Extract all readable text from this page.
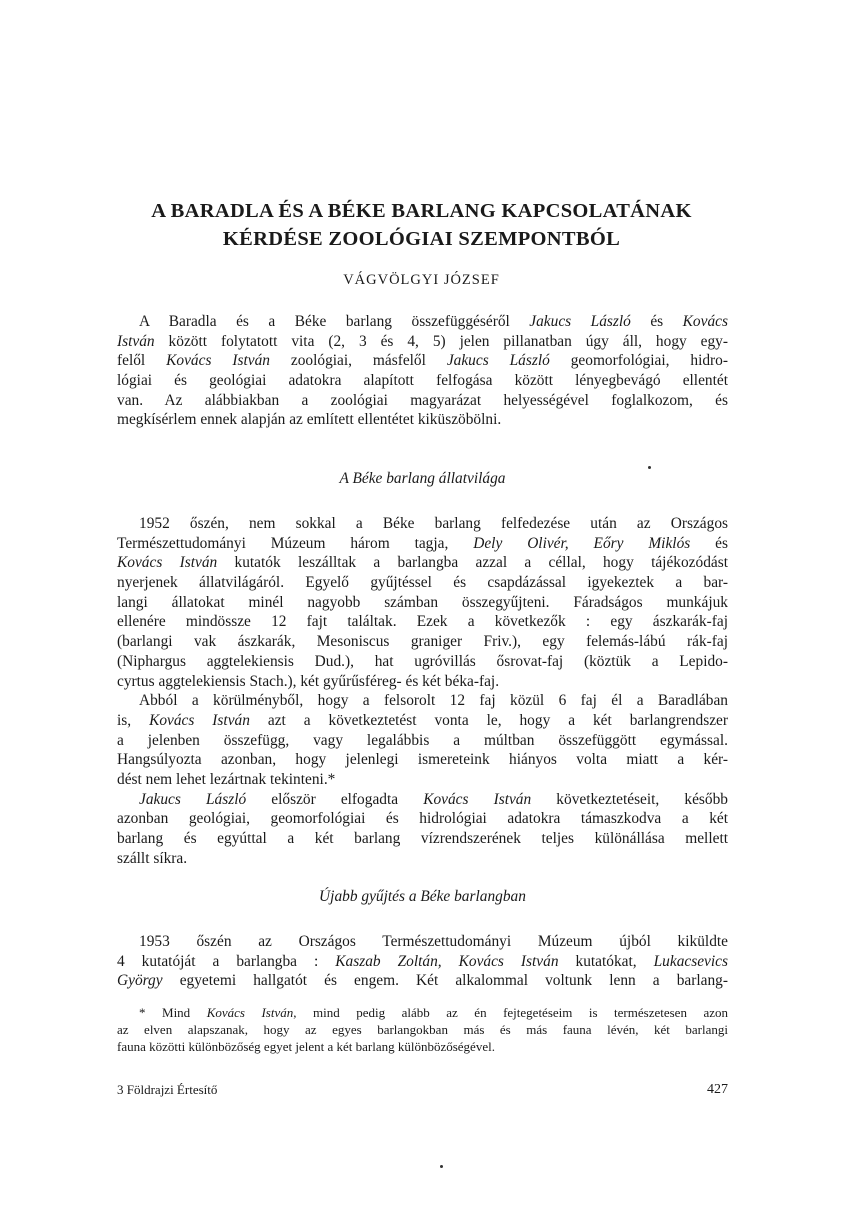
A BARADLA ÉS A BÉKE BARLANG KAPCSOLATÁNAK
KÉRDÉSE ZOOLÓGIAI SZEMPONTBÓL
VÁGVÖLGYI JÓZSEF
A Baradla és a Béke barlang összefüggéséről Jakucs László és Kovács
István között folytatott vita (2, 3 és 4, 5) jelen pillanatban úgy áll, hogy egy-
felől Kovács István zoológiai, másfelől Jakucs László geomorfológiai, hidro-
lógiai és geológiai adatokra alapított felfogása között lényegbevágó ellentét
van. Az alábbiakban a zoológiai magyarázat helyességével foglalkozom, és
megkísérlem ennek alapján az említett ellentétet kiküszöbölni.
A Béke barlang állatvilága
1952 őszén, nem sokkal a Béke barlang felfedezése után az Országos
Természettudományi Múzeum három tagja, Dely Olivér, Eőry Miklós és
Kovács István kutatók leszálltak a barlangba azzal a céllal, hogy tájékozódást
nyerjenek állatvilágáról. Egyelő gyűjtéssel és csapdázással igyekeztek a bar-
langi állatokat minél nagyobb számban összegyűjteni. Fáradságos munkájuk
ellenére mindössze 12 fajt találtak. Ezek a következők : egy ászkarák-faj
(barlangi vak ászkarák, Mesoniscus graniger Friv.), egy felemás-lábú rák-faj
(Niphargus aggtelekiensis Dud.), hat ugróvillás ősrovat-faj (köztük a Lepido-
cyrtus aggtelekiensis Stach.), két gyűrűsféreg- és két béka-faj.
Abból a körülményből, hogy a felsorolt 12 faj közül 6 faj él a Baradlában
is, Kovács István azt a következtetést vonta le, hogy a két barlangrendszer
a jelenben összefügg, vagy legalábbis a múltban összefüggött egymással.
Hangsúlyozta azonban, hogy jelenlegi ismereteink hiányos volta miatt a kér-
dést nem lehet lezártnak tekinteni.*
Jakucs László először elfogadta Kovács István következtetéseit, később
azonban geológiai, geomorfológiai és hidrológiai adatokra támaszkodva a két
barlang és egyúttal a két barlang vízrendszerének teljes különállása mellett
szállt síkra.
Újabb gyűjtés a Béke barlangban
1953 őszén az Országos Természettudományi Múzeum újból kiküldte
4 kutatóját a barlangba : Kaszab Zoltán, Kovács István kutatókat, Lukacsevics
György egyetemi hallgatót és engem. Két alkalommal voltunk lenn a barlang-
* Mind Kovács István, mind pedig alább az én fejtegetéseim is természetesen azon
az elven alapszanak, hogy az egyes barlangokban más és más fauna lévén, két barlangi
fauna közötti különbözőség egyet jelent a két barlang különbözőségével.
3 Földrajzi Értesítő	427
